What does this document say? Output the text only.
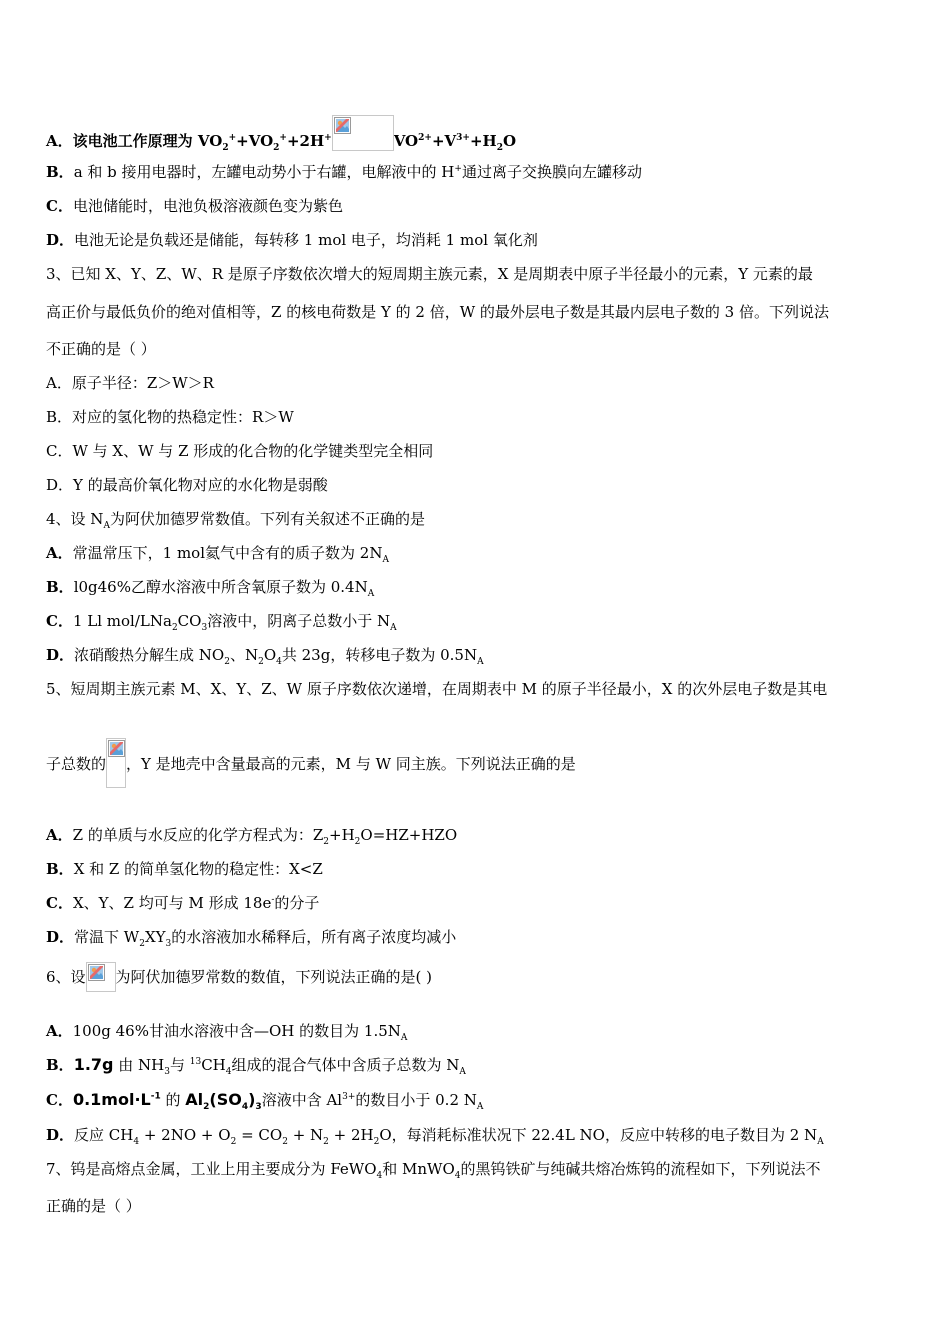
A．该电池工作原理为 $VO_2^++VO_2^++2H^+$	$VO^{2+}+V^{3+}+H_2O$
B．a 和 b 接用电器时，左罐电动势小于右罐，电解液中的 H+通过离子交换膜向左罐移动
C．电池储能时，电池负极溶液颜色变为紫色
D．电池无论是负载还是储能，每转移 1 mol 电子，均消耗 1 mol 氧化剂
3、已知 X、Y、Z、W、R 是原子序数依次增大的短周期主族元素，X 是周期表中原子半径最小的元素，Y 元素的最
高正价与最低负价的绝对值相等，Z 的核电荷数是 Y 的 2 倍，W 的最外层电子数是其最内层电子数的 3 倍。下列说法
不正确的是（ ）
A．原子半径：Z＞W＞R
B．对应的氢化物的热稳定性：R＞W
C．W 与 X、W 与 Z 形成的化合物的化学键类型完全相同
D．Y 的最高价氧化物对应的水化物是弱酸
4、设 $N_A$为阿伏加德罗常数值。下列有关叙述不正确的是
A．常温常压下，1 mol氦气中含有的质子数为 $2N_A$
B．l0g46%乙醇水溶液中所含氧原子数为 $0.4N_A$
C．1 Ll mol/$LNa_2CO_3$溶液中，阴离子总数小于 $N_A$
D．浓硝酸热分解生成 $NO_2$、$N_2O_4$共 23g，转移电子数为 $0.5N_A$
5、短周期主族元素 M、X、Y、Z、W 原子序数依次递增，在周期表中 M 的原子半径最小，X 的次外层电子数是其电
子总数的 ，Y 是地壳中含量最高的元素，M 与 W 同主族。下列说法正确的是
A．Z 的单质与水反应的化学方程式为：$Z_2+H_2O=HZ+HZO$
B．X 和 Z 的简单氢化物的稳定性：X<Z
C．X、Y、Z 均可与 M 形成 18e-的分子
D．常温下 $W_2XY_3$的水溶液加水稀释后，所有离子浓度均减小
6、设 为阿伏加德罗常数的数值，下列说法正确的是( )
A．100g 46%甘油水溶液中含—OH 的数目为 $1.5N_A$
B．1.7g 由 $NH_3$与 $^{13}CH_4$组成的混合气体中含质子总数为 $N_A$
C．$0.1mol\cdot L^{-1}$ 的 $Al_2(SO_4)_3$溶液中含 $Al^{3+}$的数目小于 0.2 $N_A$
D．反应 $CH_4 + 2NO + O_2 = CO_2 + N_2 + 2H_2O$，每消耗标准状况下 22.4L NO，反应中转移的电子数目为 2 $N_A$
7、钨是高熔点金属，工业上用主要成分为 FeWO$_4$和 MnWO$_4$的黑钨铁矿与纯碱共熔冶炼钨的流程如下，下列说法不
正确的是（ ）
